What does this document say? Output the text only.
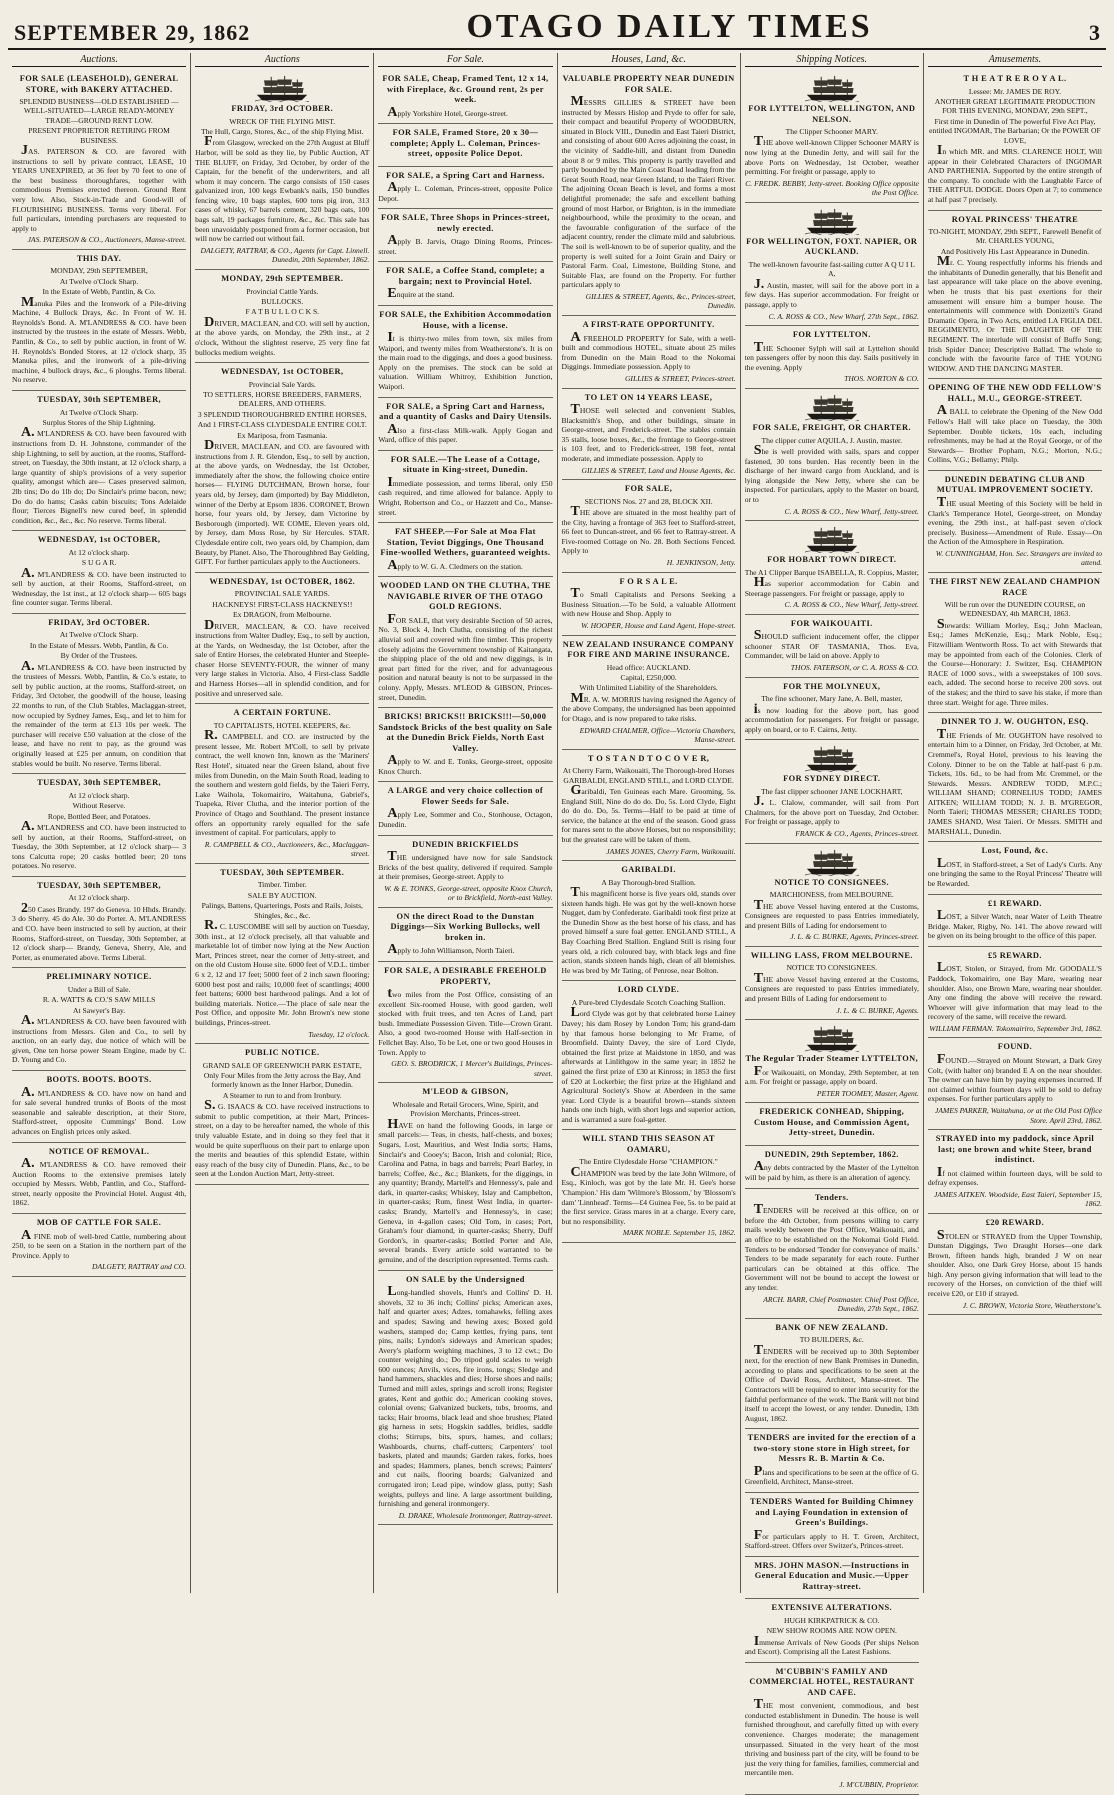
SEPTEMBER 29, 1862	OTAGO DAILY TIMES	3
Auctions.
FOR SALE (LEASEHOLD), GENERAL STORE, with BAKERY ATTACHED.
SPLENDID BUSINESS—OLD ESTABLISHED —WELL-SITUATED—LARGE READY-MONEY TRADE—GROUND RENT LOW.
PRESENT PROPRIETOR RETIRING FROM BUSINESS.
JAS. PATERSON & CO. are favored with instructions to sell by private contract, LEASE, 10 YEARS UNEXPIRED, at 36 feet by 70 feet to one of the best business thoroughfares, together with commodious Premises erected thereon. Ground Rent very low. Also, Stock-in-Trade and Good-will of FLOURISHING BUSINESS. Terms very liberal. For full particulars, intending purchasers are requested to apply to
JAS. PATERSON & CO., Auctioneers, Manse-street.
THIS DAY.
MONDAY, 29th SEPTEMBER,
At Twelve o'Clock Sharp.
In the Estate of Webb, Pantlin, & Co.
Manuka Piles and the Ironwork of a Pile-driving Machine, 4 Bullock Drays, &c. In Front of W. H. Reynolds's Bond. A. M'LANDRESS & CO. have been instructed by the trustees in the estate of Messrs. Webb, Pantlin, & Co., to sell by public auction, in front of W. H. Reynolds's Bonded Stores, at 12 o'clock sharp, 35 Manuka piles, and the ironwork of a pile-driving machine, 4 bullock drays, &c., 6 ploughs. Terms liberal. No reserve.
TUESDAY, 30th SEPTEMBER,
At Twelve o'Clock Sharp.
Surplus Stores of the Ship Lightning.
A. M'LANDRESS & CO. have been favoured with instructions from D. H. Johnstone, commander of the ship Lightning, to sell by auction, at the rooms, Stafford-street, on Tuesday, the 30th instant, at 12 o'clock sharp, a large quantity of ship's provisions of a very superior quality, amongst which are— Cases preserved salmon, 2lb tins; Do do 1lb do; Do Sinclair's prime bacon, new; Do do do hams; Casks cabin biscuits; Tons Adelaide flour; Tierces Bignell's new cured beef, in splendid condition, &c., &c., &c. No reserve. Terms liberal.
WEDNESDAY, 1st OCTOBER,
At 12 o'clock sharp.
S U G A R.
A. M'LANDRESS & CO. have been instructed to sell by auction, at their Rooms, Stafford-street, on Wednesday, the 1st inst., at 12 o'clock sharp— 605 bags fine counter sugar. Terms liberal.
FRIDAY, 3rd OCTOBER.
At Twelve o'Clock Sharp.
In the Estate of Messrs. Webb, Pantlin, & Co.
By Order of the Trustees.
A. M'LANDRESS & CO. have been instructed by the trustees of Messrs. Webb, Pantlin, & Co.'s estate, to sell by public auction, at the rooms, Stafford-street, on Friday, 3rd October, the goodwill of the house, leasing 22 months to run, of the Club Stables, Maclaggan-street, now occupied by Sydney James, Esq., and let to him for the remainder of the term at £13 10s per week. The purchaser will receive £50 valuation at the close of the lease, and have no rent to pay, as the ground was originally leased at £25 per annum, on condition that stables would be built. No reserve. Terms liberal.
TUESDAY, 30th SEPTEMBER,
At 12 o'clock sharp.
Without Reserve.
Rope, Bottled Beer, and Potatoes.
A. M'LANDRESS and CO. have been instructed to sell by auction, at their Rooms, Stafford-street, on Tuesday, the 30th September, at 12 o'clock sharp— 3 tons Calcutta rope; 20 casks bottled beer; 20 tons potatoes. No reserve.
TUESDAY, 30th SEPTEMBER,
At 12 o'clock sharp.
250 Cases Brandy. 197 do Geneva. 10 Hhds. Brandy. 3 do Sherry. 45 do Ale. 30 do Porter. A. M'LANDRESS and CO. have been instructed to sell by auction, at their Rooms, Stafford-street, on Tuesday, 30th September, at 12 o'clock sharp— Brandy, Geneva, Sherry, Ale, and Porter, as enumerated above. Terms Liberal.
PRELIMINARY NOTICE.
Under a Bill of Sale.
R. A. WATTS & CO.'S SAW MILLS
At Sawyer's Bay.
A. M'LANDRESS & CO. have been favoured with instructions from Messrs. Glen and Co., to sell by auction, on an early day, due notice of which will be given, One ten horse power Steam Engine, made by C. D. Young and Co.
BOOTS. BOOTS. BOOTS.
A. M'LANDRESS & CO. have now on hand and for sale several hundred trunks of Boots of the most seasonable and saleable description, at their Store, Stafford-street, opposite Cummings' Bond. Low advances on English prices only asked.
NOTICE OF REMOVAL.
A. M'LANDRESS & CO. have removed their Auction Rooms to the extensive premises lately occupied by Messrs. Webb, Pantlin, and Co., Stafford-street, nearly opposite the Provincial Hotel. August 4th, 1862.
MOB OF CATTLE FOR SALE.
A FINE mob of well-bred Cattle, numbering about 250, to be seen on a Station in the northern part of the Province. Apply to
DALGETY, RATTRAY and CO.
Auctions
FRIDAY, 3rd OCTOBER.
WRECK OF THE FLYING MIST.
The Hull, Cargo, Stores, &c., of the ship Flying Mist.
From Glasgow, wrecked on the 27th August at Bluff Harbor, will be sold as they lie, by Public Auction, AT THE BLUFF, on Friday, 3rd October, by order of the Captain, for the benefit of the underwriters, and all whom it may concern. The cargo consists of 150 cases galvanized iron, 100 kegs Ewbank's nails, 150 bundles fencing wire, 10 bags staples, 600 tons pig iron, 313 cases of whisky, 67 barrels cement, 320 bags oats, 100 bags salt, 19 packages furniture, &c., &c. This sale has been unavoidably postponed from a former occasion, but will now be carried out without fail.
DALGETY, RATTRAY, & CO., Agents for Capt. Linnell. Dunedin, 20th September, 1862.
MONDAY, 29th SEPTEMBER.
Provincial Cattle Yards.
BULLOCKS.
F A T B U L L O C K S.
DRIVER, MACLEAN, and CO. will sell by auction, at the above yards, on Monday, the 29th inst., at 2 o'clock, Without the slightest reserve, 25 very fine fat bullocks medium weights.
WEDNESDAY, 1st OCTOBER,
Provincial Sale Yards.
TO SETTLERS, HORSE BREEDERS, FARMERS, DEALERS, AND OTHERS.
3 SPLENDID THOROUGHBRED ENTIRE HORSES,
And 1 FIRST-CLASS CLYDESDALE ENTIRE COLT.
Ex Mariposa, from Tasmania.
DRIVER, MACLEAN, and CO. are favoured with instructions from J. R. Glendon, Esq., to sell by auction, at the above yards, on Wednesday, the 1st October, immediately after the show, the following choice entire horses— FLYING DUTCHMAN, Brown horse, four years old, by Jersey, dam (imported) by Bay Middleton, winner of the Derby at Epsom 1836. CORONET, Brown horse, four years old, by Jersey, dam Victorine by Besborough (imported). WE COME, Eleven years old, by Jersey, dam Moss Rose, by Sir Hercules. STAR. Clydesdale entire colt, two years old, by Champion, dam Beauty, by Planet. Also, The Thoroughbred Bay Gelding, GIFT. For further particulars apply to the Auctioneers.
WEDNESDAY, 1st OCTOBER, 1862.
PROVINCIAL SALE YARDS.
HACKNEYS! FIRST-CLASS HACKNEYS!!
Ex DRAGON, from Melbourne.
DRIVER, MACLEAN, & CO. have received instructions from Walter Dudley, Esq., to sell by auction, at the Yards, on Wednesday, the 1st October, after the sale of Entire Horses, the celebrated Hunter and Steeple-chaser Horse SEVENTY-FOUR, the winner of many very large stakes in Victoria. Also, 4 First-class Saddle and Harness Horses—all in splendid condition, and for positive and unreserved sale.
A CERTAIN FORTUNE.
TO CAPITALISTS, HOTEL KEEPERS, &c.
R. CAMPBELL and CO. are instructed by the present lessee, Mr. Robert M'Coll, to sell by private contract, the well known Inn, known as the 'Mariners' Rest Hotel', situated near the Green Island, about five miles from Dunedin, on the Main South Road, leading to the southern and western gold fields, by the Taieri Ferry, Lake Waihola, Tokomairiro, Waitahuna, Gabriel's, Tuapeka, River Clutha, and the interior portion of the Province of Otago and Southland. The present instance offers an opportunity rarely equalled for the safe investment of capital. For particulars, apply to
R. CAMPBELL & CO., Auctioneers, &c., Maclaggan-street.
TUESDAY, 30th SEPTEMBER.
Timber. Timber.
SALE BY AUCTION.
Palings, Battens, Quarterings, Posts and Rails, Joists, Shingles, &c., &c.
R. C. LUSCOMBE will sell by auction on Tuesday, 30th inst., at 12 o'clock precisely, all that valuable and marketable lot of timber now lying at the New Auction Mart, Princes street, near the corner of Jetty-street, and on the old Custom House site. 6000 feet of V.D.L. timber 6 x 2, 12 and 17 feet; 5000 feet of 2 inch sawn flooring; 6000 best post and rails; 10,000 feet of scantlings; 4000 feet battens; 6000 best hardwood palings. And a lot of building materials. Notice.—The place of sale near the Post Office, and opposite Mr. John Brown's new stone buildings, Princes-street.
Tuesday, 12 o'clock.
PUBLIC NOTICE.
GRAND SALE OF GREENWICH PARK ESTATE,
Only Four Miles from the Jetty across the Bay, And formerly known as the Inner Harbor, Dunedin.
A Steamer to run to and from Ironbury.
S. G. ISAACS & CO. have received instructions to submit to public competition, at their Mart, Princes-street, on a day to be hereafter named, the whole of this truly valuable Estate, and in doing so they feel that it would be quite superfluous on their part to enlarge upon the merits and beauties of this splendid Estate, within easy reach of the busy city of Dunedin. Plans, &c., to be seen at the London Auction Mart, Jetty-street.
For Sale.
FOR SALE, Cheap, Framed Tent, 12 x 14, with Fireplace, &c. Ground rent, 2s per week.
Apply Yorkshire Hotel, George-street.
FOR SALE, Framed Store, 20 x 30—complete; Apply L. Coleman, Princes-street, opposite Police Depot.
FOR SALE, a Spring Cart and Harness.
Apply L. Coleman, Princes-street, opposite Police Depot.
FOR SALE, Three Shops in Princes-street, newly erected.
Apply B. Jarvis, Otago Dining Rooms, Princes-street.
FOR SALE, a Coffee Stand, complete; a bargain; next to Provincial Hotel.
Enquire at the stand.
FOR SALE, the Exhibition Accommodation House, with a license.
It is thirty-two miles from town, six miles from Waipori, and twenty miles from Weatherstone's. It is on the main road to the diggings, and does a good business. Apply on the premises. The stock can be sold at valuation. William Whitroy, Exhibition Junction, Waipori.
FOR SALE, a Spring Cart and Harness, and a quantity of Casks and Dairy Utensils.
Also a first-class Milk-walk. Apply Gogan and Ward, office of this paper.
FOR SALE.—The Lease of a Cottage, situate in King-street, Dunedin.
Immediate possession, and terms liberal, only £50 cash required, and time allowed for balance. Apply to Wright, Robertson and Co., or Hazzett and Co., Manse-street.
FAT SHEEP.—For Sale at Moa Flat Station, Teviot Diggings, One Thousand Fine-woolled Wethers, guaranteed weights.
Apply to W. G. A. Cledmers on the station.
WOODED LAND ON THE CLUTHA, THE NAVIGABLE RIVER OF THE OTAGO GOLD REGIONS.
FOR SALE, that very desirable Section of 50 acres, No. 3, Block 4, Inch Clutha, consisting of the richest alluvial soil and covered with fine timber. This property closely adjoins the Government township of Kaitangata, the shipping place of the old and new diggings, is in great part fitted for the river, and for advantageous position and natural beauty is not to be surpassed in the colony. Apply, Messrs. M'LEOD & GIBSON, Princes-street, Dunedin.
BRICKS! BRICKS!! BRICKS!!!—50,000 Sandstock Bricks of the best quality on Sale at the Dunedin Brick Fields, North East Valley.
Apply to W. and E. Tonks, George-street, opposite Knox Church.
A LARGE and very choice collection of Flower Seeds for Sale.
Apply Lee, Sommer and Co., Stonhouse, Octagon, Dunedin.
DUNEDIN BRICKFIELDS
THE undersigned have now for sale Sandstock Bricks of the best quality, delivered if required. Sample at their premises, George-street. Apply to
W. & E. TONKS, George-street, opposite Knox Church, or to Brickfield, North-east Valley.
ON the direct Road to the Dunstan Diggings—Six Working Bullocks, well broken in.
Apply to John Williamson, North Taieri.
FOR SALE, A DESIRABLE FREEHOLD PROPERTY,
two miles from the Post Office, consisting of an excellent Six-roomed House, with good garden, well stocked with fruit trees, and ten Acres of Land, part bush. Immediate Possession Given. Title—Crown Grant. Also, a good two-roomed House with Half-section in Fellchet Bay. Also, To be Let, one or two good Houses in Town. Apply to
GEO. S. BRODRICK, 1 Mercer's Buildings, Princes-street.
M'LEOD & GIBSON,
Wholesale and Retail Grocers, Wine, Spirit, and Provision Merchants, Princes-street.
HAVE on hand the following Goods, in large or small parcels:— Teas, in chests, half-chests, and boxes; Sugars, Lost, Mauritius, and West India sorts; Hams, Sinclair's and Cooey's; Bacon, Irish and colonial; Rice, Carolina and Patna, in bags and barrels; Pearl Barley, in barrels; Coffee, &c., &c.; Blankets, for the diggings, in any quantity; Brandy, Martell's and Hennessy's, pale and dark, in quarter-casks; Whiskey, Islay and Campbelton, in quarter-casks; Rum, finest West India, in quarter-casks; Brandy, Martell's and Hennessy's, in case; Geneva, in 4-gallon cases; Old Tom, in cases; Port, Graham's four diamond, in quarter-casks; Sherry, Duff Gordon's, in quarter-casks; Bottled Porter and Ale, several brands. Every article sold warranted to be genuine, and of the description represented. Terms cash.
ON SALE by the Undersigned
Long-handled shovels, Hunt's and Collins' D. H. shovels, 32 to 36 inch; Collins' picks; American axes, half and quarter axes; Adzes, tomahawks, felling axes and spades; Sawing and hewing axes; Boxed gold washers, stamped do; Camp kettles, frying pans, tent pins, nails; Lyndon's sideways and American spades; Avery's platform weighing machines, 3 to 12 cwt.; Do counter weighing do.; Do tripod gold scales to weigh 600 ounces; Anvils, vices, fire irons, tongs; Sledge and hand hammers, shackles and dies; Horse shoes and nails; Turned and mill axles, springs and scroll irons; Register grates, Kent and gothic do.; American cooking stoves, colonial ovens; Galvanized buckets, tubs, brooms, and tacks; Hair brooms, black lead and shoe brushes; Plated gig harness in sets; Hogskin saddles, bridles, saddle cloths; Stirrups, bits, spurs, hames, and collars; Washboards, churns, chaff-cutters; Carpenters' tool baskets, plated and maunds; Garden rakes, forks, hoes and spades; Hammers, planes, bench screws; Painters' and cut nails, flooring boards; Galvanized and corrugated iron; Lead pipe, window glass, putty; Sash weights, pulleys and line. A large assortment building, furnishing and general ironmongery.
D. DRAKE, Wholesale Ironmonger, Rattray-street.
Houses, Land, &c.
VALUABLE PROPERTY NEAR DUNEDIN FOR SALE.
MESSRS GILLIES & STREET have been instructed by Messrs Hislop and Pryde to offer for sale, their compact and beautiful Property of WOODBURN, situated in Block VIII., Dunedin and East Taieri District, and consisting of about 600 Acres adjoining the coast, in the vicinity of Saddle-hill, and distant from Dunedin about 8 or 9 miles. This property is partly travelled and partly bounded by the Main Coast Road leading from the Great South Road, near Green Island, to the Taieri River. The adjoining Ocean Beach is level, and forms a most delightful promenade; the safe and excellent bathing ground of most Harbor, or Brighton, is in the immediate neighbourhood, while the proximity to the ocean, and the favourable configuration of the surface of the adjacent country, render the climate mild and salubrious. The soil is well-known to be of superior quality, and the property is well suited for a Joint Grain and Dairy or Pastoral Farm. Coal, Limestone, Building Stone, and Suitable Flax, are found on the Property. For further particulars apply to
GILLIES & STREET, Agents, &c., Princes-street, Dunedin.
A FIRST-RATE OPPORTUNITY.
A FREEHOLD PROPERTY for Sale, with a well-built and commodious HOTEL, situate about 25 miles from Dunedin on the Main Road to the Nokomai Diggings. Immediate possession. Apply to
GILLIES & STREET, Princes-street.
TO LET ON 14 YEARS LEASE,
THOSE well selected and convenient Stables, Blacksmith's Shop, and other buildings, situate in George-street, and Frederick-street. The stables contain 35 stalls, loose boxes, &c., the frontage to George-street is 103 feet, and to Frederick-street, 198 feet, rental moderate, and immediate possession. Apply to
GILLIES & STREET, Land and House Agents, &c.
FOR SALE,
SECTIONS Nos. 27 and 28, BLOCK XII.
THE above are situated in the most healthy part of the City, having a frontage of 363 feet to Stafford-street, 66 feet to Duncan-street, and 66 feet to Rattray-street. A Five-roomed Cottage on No. 28. Both Sections Fenced. Apply to
H. JENKINSON, Jetty.
F O R S A L E.
To Small Capitalists and Persons Seeking a Business Situation.—To be Sold, a valuable Allotment with new House and Shop. Apply to
W. HOOPER, House and Land Agent, Hope-street.
NEW ZEALAND INSURANCE COMPANY FOR FIRE AND MARINE INSURANCE.
Head office: AUCKLAND.
Capital, £250,000.
With Unlimited Liability of the Shareholders.
MR. A. W. MORRIS having resigned the Agency of the above Company, the undersigned has been appointed for Otago, and is now prepared to take risks.
EDWARD CHALMER, Office—Victoria Chambers, Manse-street.
T O S T A N D T O C O V E R,
At Cherry Farm, Waikouaiti, The Thorough-bred Horses GARIBALDI, ENGLAND STILL, and LORD CLYDE.
Garibaldi, Ten Guineas each Mare. Grooming, 5s. England Still, Nine do do do. Do, 5s. Lord Clyde, Eight do do do. Do, 5s. Terms—Half to be paid at time of service, the balance at the end of the season. Good grass for mares sent to the above Horses, but no responsibility; but the greatest care will be taken of them.
JAMES JONES, Cherry Farm, Waikouaiti.
GARIBALDI.
A Bay Thorough-bred Stallion.
This magnificent horse is five years old, stands over sixteen hands high. He was got by the well-known horse Nugget, dam by Confederate. Garibaldi took first prize at the Dunedin Show as the best horse of his class, and has proved himself a sure foal getter. ENGLAND STILL, A Bay Coaching Bred Stallion. England Still is rising four years old, a rich coloured bay, with black legs and fine action, stands sixteen hands high, clean of all blemishes. He was bred by Mr Tating, of Penrose, near Bolton.
LORD CLYDE.
A Pure-bred Clydesdale Scotch Coaching Stallion.
Lord Clyde was got by that celebrated horse Lainey Davey; his dam Rosey by London Tom; his grand-dam by that famous horse belonging to Mr Frame, of Broomfield. Dainty Davey, the sire of Lord Clyde, obtained the first prize at Maidstone in 1850, and was afterwards at Linlithgow in the same year; in 1852 he gained the first prize of £30 at Kinross; in 1853 the first of £20 at Lockerbie; the first prize at the Highland and Agricultural Society's Show at Aberdeen in the same year. Lord Clyde is a beautiful brown—stands sixteen hands one inch high, with short legs and superior action, and is warranted a sure foal-getter.
WILL STAND THIS SEASON AT OAMARU,
The Entire Clydesdale Horse "CHAMPION."
CHAMPION was bred by the late John Wilmore, of Esq., Kinloch, was got by the late Mr. H. Gee's horse 'Champion.' His dam 'Wilmore's Blossom,' by 'Blossom's dam' 'Linnhead'. Terms—£4 Guinea Fee, 5s. to be paid at the first service. Grass mares in at a charge. Every care, but no responsibility.
MARK NOBLE. September 15, 1862.
Shipping Notices.
FOR LYTTELTON, WELLINGTON, AND NELSON.
The Clipper Schooner MARY.
THE above well-known Clipper Schooner MARY is now lying at the Dunedin Jetty, and will sail for the above Ports on Wednesday, 1st October, weather permitting. For freight or passage, apply to
C. FREDK. BEBBY, Jetty-street. Booking Office opposite the Post Office.
FOR WELLINGTON, FOXT. NAPIER, OR AUCKLAND.
The well-known favourite fast-sailing cutter A Q U I L A,
J. Austin, master, will sail for the above port in a few days. Has superior accommodation. For freight or passage, apply to
C. A. ROSS & CO., New Wharf, 27th Sept., 1862.
FOR LYTTELTON.
THE Schooner Sylph will sail at Lyttelton should ten passengers offer by noon this day. Sails positively in the evening. Apply
THOS. NORTON & CO.
FOR SALE, FREIGHT, OR CHARTER.
The clipper cutter AQUILA, J. Austin, master.
She is well provided with sails, spars and copper fastened, 30 tons burden. Has recently been in the discharge of her inward cargo from Auckland, and is lying alongside the New Jetty, where she can be inspected. For particulars, apply to the Master on board, or to
C. A. ROSS & CO., New Wharf, Jetty-street.
FOR HOBART TOWN DIRECT.
The A1 Clipper Barque ISABELLA, R. Coppius, Master,
Has superior accommodation for Cabin and Steerage passengers. For freight or passage, apply to
C. A. ROSS & CO., New Wharf, Jetty-street.
FOR WAIKOUAITI.
SHOULD sufficient inducement offer, the clipper schooner STAR OF TASMANIA, Thos. Eva, Commander, will be laid on above. Apply to
THOS. FATERSON, or C. A. ROSS & CO.
FOR THE MOLYNEUX,
The fine schooner, Mary Jane, A. Bell, master,
is now loading for the above port, has good accommodation for passengers. For freight or passage, apply on board, or to F. Cairns, Jetty.
FOR SYDNEY DIRECT.
The fast clipper schooner JANE LOCKHART,
J. L. Clalow, commander, will sail from Port Chalmers, for the above port on Tuesday, 2nd October. For freight or passage, apply to
FRANCK & CO., Agents, Princes-street.
NOTICE TO CONSIGNEES.
MARCHIONESS, from MELBOURNE.
THE above Vessel having entered at the Customs, Consignees are requested to pass Entries immediately, and present Bills of Lading for endorsement to
J. L. & C. BURKE, Agents, Princes-street.
WILLING LASS, FROM MELBOURNE.
NOTICE TO CONSIGNEES.
THE above Vessel having entered at the Customs, Consignees are requested to pass Entries immediately, and present Bills of Lading for endorsement to
J. L. & C. BURKE, Agents.
The Regular Trader Steamer LYTTELTON,
For Waikouaiti, on Monday, 29th September, at ten a.m. For freight or passage, apply on board.
PETER TOOMEY, Master, Agent.
FREDERICK CONHEAD, Shipping, Custom House, and Commission Agent, Jetty-street, Dunedin.
DUNEDIN, 29th September, 1862.
Any debts contracted by the Master of the Lyttelton will be paid by him, as there is an alteration of agency.
Tenders.
TENDERS will be received at this office, on or before the 4th October, from persons willing to carry mails weekly between the Post Office, Waikouaiti, and an office to be established on the Nokomai Gold Field. Tenders to be endorsed 'Tender for conveyance of mails.' Tenders to be made separately for each route. Further particulars can be obtained at this office. The Government will not be bound to accept the lowest or any tender.
ARCH. BARR, Chief Postmaster. Chief Post Office, Dunedin, 27th Sept., 1862.
BANK OF NEW ZEALAND.
TO BUILDERS, &c.
TENDERS will be received up to 30th September next, for the erection of new Bank Premises in Dunedin, according to plans and specifications to be seen at the Office of David Ross, Architect, Manse-street. The Contractors will be required to enter into security for the faithful performance of the work. The Bank will not bind itself to accept the lowest, or any tender. Dunedin, 13th August, 1862.
TENDERS are invited for the erection of a two-story stone store in High street, for Messrs R. B. Martin & Co.
Plans and specifications to be seen at the office of G. Greenfield, Architect, Manse-street.
TENDERS Wanted for Building Chimney and Laying Foundation in extension of Green's Buildings.
For particulars apply to H. T. Green, Architect, Stafford-street. Offers over Switzer's, Princes-street.
MRS. JOHN MASON.—Instructions in General Education and Music.—Upper Rattray-street.
EXTENSIVE ALTERATIONS.
HUGH KIRKPATRICK & CO.
NEW SHOW ROOMS ARE NOW OPEN.
Immense Arrivals of New Goods (Per ships Nelson and Escort). Comprising all the Latest Fashions.
M'CUBBIN'S FAMILY AND COMMERCIAL HOTEL, RESTAURANT AND CAFE.
THE most convenient, commodious, and best conducted establishment in Dunedin. The house is well furnished throughout, and carefully fitted up with every convenience. Charges moderate; the management unsurpassed. Situated in the very heart of the most thriving and business part of the city, will be found to be just the very thing for families, families, commercial and mercantile men.
J. M'CUBBIN, Proprietor.
Amusements.
T H E A T R E R O Y A L.
Lessee: Mr. JAMES DE ROY.
ANOTHER GREAT LEGITIMATE PRODUCTION FOR THIS EVENING, MONDAY, 29th SEPT.,
First time in Dunedin of The powerful Five Act Play, entitled INGOMAR, The Barbarian; Or the POWER OF LOVE,
In which MR. and MRS. CLARENCE HOLT, Will appear in their Celebrated Characters of INGOMAR AND PARTHENIA. Supported by the entire strength of the company. To conclude with the Laughable Farce of THE ARTFUL DODGE. Doors Open at 7; to commence at half past 7 precisely.
ROYAL PRINCESS' THEATRE
TO-NIGHT, MONDAY, 29th SEPT., Farewell Benefit of Mr. CHARLES YOUNG,
And Positively His Last Appearance in Dunedin.
Mr. C. Young respectfully informs his friends and the inhabitants of Dunedin generally, that his Benefit and last appearance will take place on the above evening, when he trusts that his past exertions for their amusement will ensure him a bumper house. The entertainments will commence with Donizetti's Grand Dramatic Opera, in Two Acts, entitled LA FIGLIA DEL REGGIMENTO, Or THE DAUGHTER OF THE REGIMENT. The interlude will consist of Buffo Song; Irish Spider Dance; Descriptive Ballad. The whole to conclude with the favourite farce of THE YOUNG WIDOW. AND THE DANCING MASTER.
OPENING OF THE NEW ODD FELLOW'S HALL, M.U., GEORGE-STREET.
A BALL to celebrate the Opening of the New Odd Fellow's Hall will take place on Tuesday, the 30th September. Double tickets, 10s each, including refreshments, may be had at the Royal George, or of the Stewards— Brother Popham, N.G.; Morton, N.G.; Collins, V.G.; Bellamy; Philp.
DUNEDIN DEBATING CLUB AND MUTUAL IMPROVEMENT SOCIETY.
THE usual Meeting of this Society will be held in Clark's Temperance Hotel, George-street, on Monday evening, the 29th inst., at half-past seven o'clock precisely. Business—Amendment of Rule. Essay—On the Action of the Atmosphere in Respiration.
W. CUNNINGHAM, Hon. Sec. Strangers are invited to attend.
THE FIRST NEW ZEALAND CHAMPION RACE
Will be run over the DUNEDIN COURSE, on WEDNESDAY, 4th MARCH, 1863.
Stewards: William Morley, Esq.; John Maclean, Esq.; James McKenzie, Esq.; Mark Noble, Esq.; Fitzwilliam Wentworth Ross. To act with Stewards that may be appointed from each of the Colonies. Clerk of the Course—Honorary: J. Switzer, Esq. CHAMPION RACE of 1000 sovs., with a sweepstakes of 100 sovs. each, added. The second horse to receive 200 sovs. out of the stakes; and the third to save his stake, if more than three start. Weight for age. Three miles.
DINNER TO J. W. OUGHTON, ESQ.
THE Friends of Mr. OUGHTON have resolved to entertain him to a Dinner, on Friday, 3rd October, at Mr. Cremmel's, Royal Hotel, previous to his leaving the Colony. Dinner to be on the Table at half-past 6 p.m. Tickets, 10s. 6d., to be had from Mr. Cremmel, or the Stewards. Messrs. ANDREW TODD, M.P.C.; WILLIAM SHAND; CORNELIUS TODD; JAMES AITKEN; WILLIAM TODD; N. J. B. M'GREGOR, North Taieri; THOMAS MESSER; CHARLES TODD; JAMES SHAND, West Taieri. Or Messrs. SMITH and MARSHALL, Dunedin.
Lost, Found, &c.
LOST, in Stafford-street, a Set of Lady's Curls. Any one bringing the same to the Royal Princess' Theatre will be Rewarded.
£1 REWARD.
LOST, a Silver Watch, near Water of Leith Theatre Bridge. Maker, Rigby, No. 141. The above reward will be given on its being brought to the office of this paper.
£5 REWARD.
LOST, Stolen, or Strayed, from Mr. GOODALL'S Paddock, Tokomairiro, one Bay Mare, wearing near shoulder. Also, one Brown Mare, wearing near shoulder. Any one finding the above will receive the reward. Whoever will give information that may lead to the recovery of the same, will receive the reward.
WILLIAM FERMAN. Tokomairiro, September 3rd, 1862.
FOUND.
FOUND.—Strayed on Mount Stewart, a Dark Grey Colt, (with halter on) branded E A on the near shoulder. The owner can have him by paying expenses incurred. If not claimed within fourteen days will be sold to defray expenses. For further particulars apply to
JAMES PARKER, Waitahuna, or at the Old Post Office Store. April 23rd, 1862.
STRAYED into my paddock, since April last; one brown and white Steer, brand indistinct.
If not claimed within fourteen days, will be sold to defray expenses.
JAMES AITKEN. Woodside, East Taieri, September 15, 1862.
£20 REWARD.
STOLEN or STRAYED from the Upper Township, Dunstan Diggings, Two Draught Horses—one dark Brown, fifteen hands high, branded J W on near shoulder. Also, one Dark Grey Horse, about 15 hands high. Any person giving information that will lead to the recovery of the Horses, on conviction of the thief will receive £20, or £10 if strayed.
J. C. BROWN, Victoria Store, Weatherstone's.
